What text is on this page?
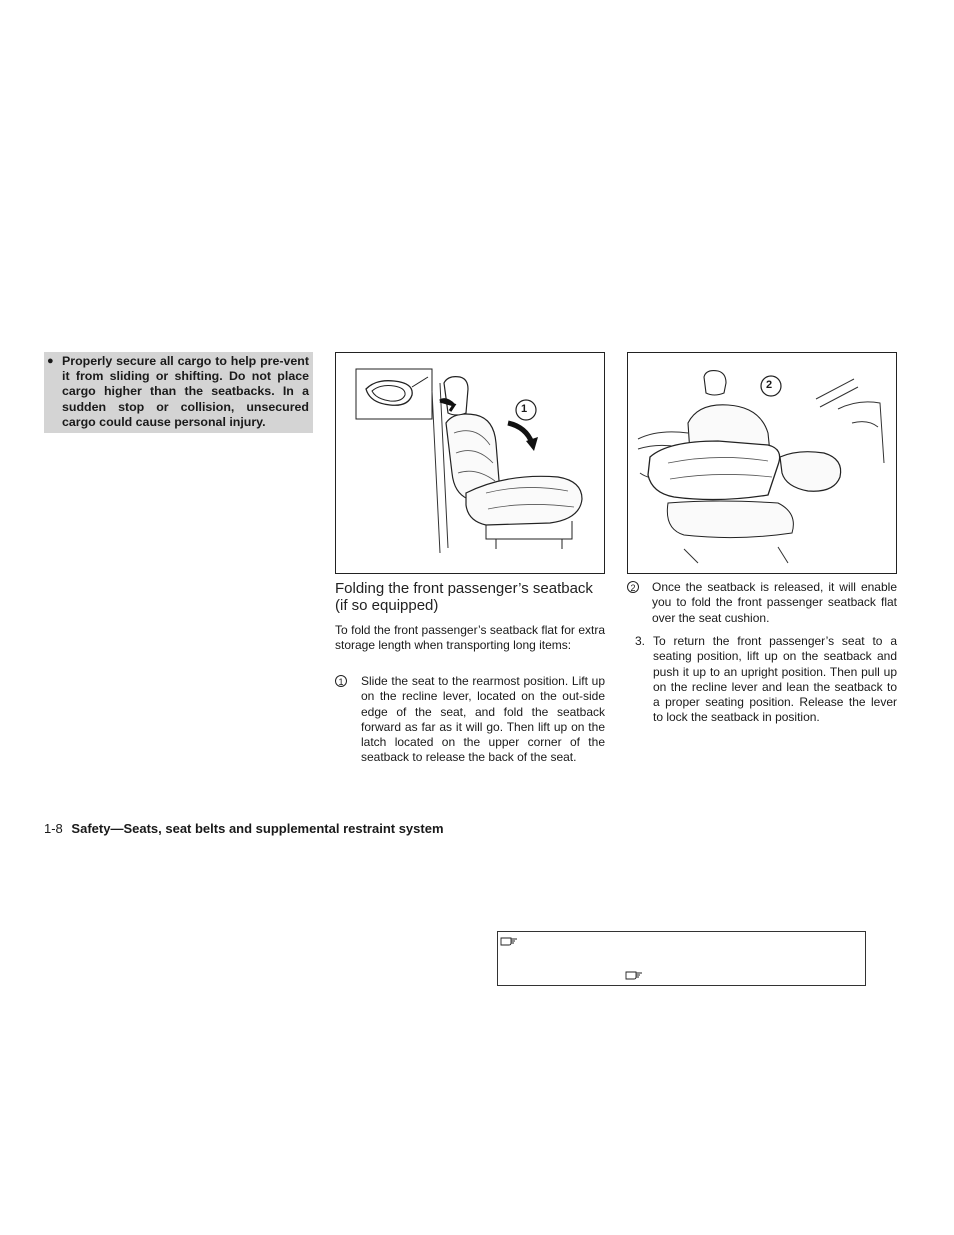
● Properly secure all cargo to help pre-vent it from sliding or shifting. Do not place cargo higher than the seatbacks. In a sudden stop or collision, unsecured cargo could cause personal injury.
1
2
Folding the front passenger’s seatback (if so equipped)
To fold the front passenger’s seatback flat for extra storage length when transporting long items:
1 Slide the seat to the rearmost position. Lift up on the recline lever, located on the out-side edge of the seat, and fold the seatback forward as far as it will go. Then lift up on the latch located on the upper corner of the seatback to release the back of the seat.
2 Once the seatback is released, it will enable you to fold the front passenger seatback flat over the seat cushion.
3. To return the front passenger’s seat to a seating position, lift up on the seatback and push it up to an upright position. Then pull up on the recline lever and lean the seatback to a proper seating position. Release the lever to lock the seatback in position.
1-8 Safety—Seats, seat belts and supplemental restraint system
